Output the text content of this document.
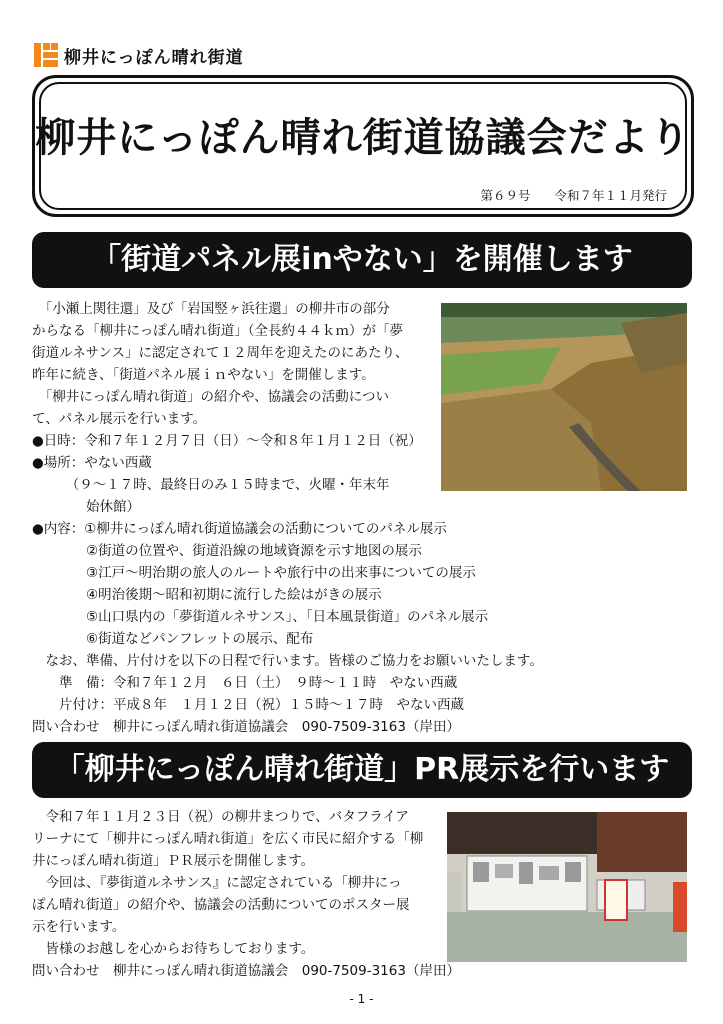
柳井にっぽん晴れ街道
柳井にっぽん晴れ街道協議会だより
第６９号 令和７年１１月発行
「街道パネル展inやない」を開催します
　「小瀬上関往還」及び「岩国竪ヶ浜往還」の柳井市の部分
からなる「柳井にっぽん晴れ街道」（全長約４４ｋｍ）が「夢
街道ルネサンス」に認定されて１２周年を迎えたのにあたり、
昨年に続き、「街道パネル展ｉｎやない」を開催します。
　「柳井にっぽん晴れ街道」の紹介や、協議会の活動につい
て、パネル展示を行います。
●日時：令和７年１２月７日（日）～令和８年１月１２日（祝）
●場所：やない西蔵
　　　（９～１７時、最終日のみ１５時まで、火曜・年末年
　　　　始休館）
●内容：①柳井にっぽん晴れ街道協議会の活動についてのパネル展示
　　　　②街道の位置や、街道沿線の地域資源を示す地図の展示
　　　　③江戸～明治期の旅人のルートや旅行中の出来事についての展示
　　　　④明治後期～昭和初期に流行した絵はがきの展示
　　　　⑤山口県内の「夢街道ルネサンス」、「日本風景街道」のパネル展示
　　　　⑥街道などパンフレットの展示、配布
　なお、準備、片付けを以下の日程で行います。皆様のご協力をお願いいたします。
　　準　備：令和７年１２月　６日（土）　９時～１１時　やない西蔵
　　片付け：平成８年　１月１２日（祝）１５時～１７時　やない西蔵
問い合わせ　柳井にっぽん晴れ街道協議会　090-7509-3163（岸田）
「柳井にっぽん晴れ街道」PR展示を行います
　令和７年１１月２３日（祝）の柳井まつりで、バタフライア
リーナにて「柳井にっぽん晴れ街道」を広く市民に紹介する「柳
井にっぽん晴れ街道」ＰＲ展示を開催します。
　今回は、『夢街道ルネサンス』に認定されている「柳井にっ
ぽん晴れ街道」の紹介や、協議会の活動についてのポスター展
示を行います。
　皆様のお越しを心からお待ちしております。
問い合わせ　柳井にっぽん晴れ街道協議会　090-7509-3163（岸田）
- 1 -
